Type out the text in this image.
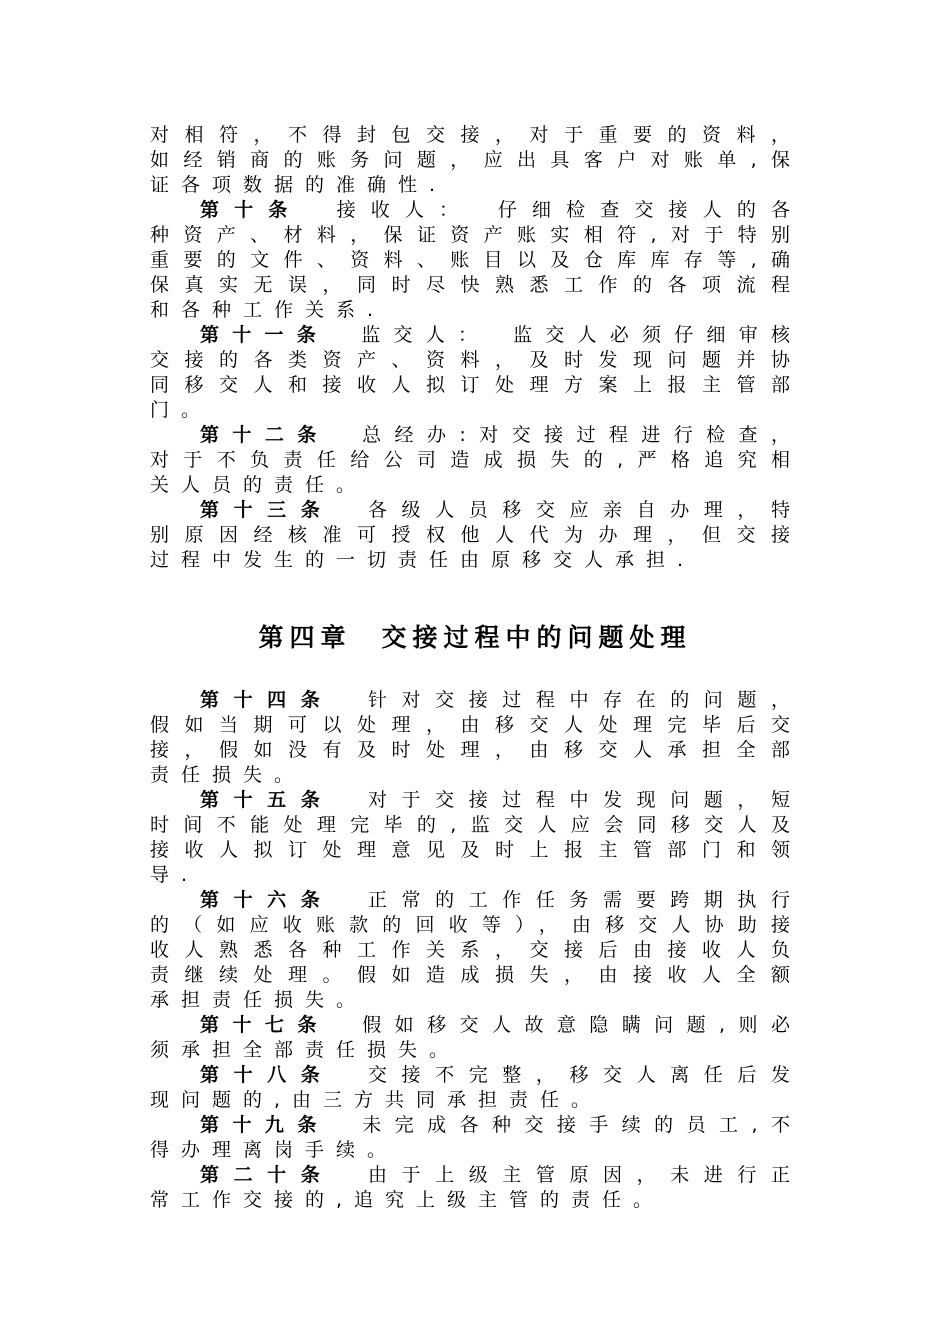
对相符，不得封包交接，对于重要的资料，
如经销商的账务问题，应出具客户对账单,保
证各项数据的准确性.
第十条　 接收人：　仔细检查交接人的各
种资产、材料，保证资产账实相符,对于特别
重要的文件、资料、账目以及仓库库存等,确
保真实无误，同时尽快熟悉工作的各项流程
和各种工作关系.
第十一条　 监交人：　监交人必须仔细审核
交接的各类资产、资料，及时发现问题并协
同移交人和接收人拟订处理方案上报主管部
门。
第十二条　 总经办:对交接过程进行检查，
对于不负责任给公司造成损失的,严格追究相
关人员的责任。
第十三条　 各级人员移交应亲自办理，特
别原因经核准可授权他人代为办理，但交接
过程中发生的一切责任由原移交人承担.
第四章 交接过程中的问题处理
第十四条　 针对交接过程中存在的问题，
假如当期可以处理，由移交人处理完毕后交
接，假如没有及时处理，由移交人承担全部
责任损失。
第十五条　 对于交接过程中发现问题，短
时间不能处理完毕的,监交人应会同移交人及
接收人拟订处理意见及时上报主管部门和领
导.
第十六条　 正常的工作任务需要跨期执行
的（如应收账款的回收等），由移交人协助接
收人熟悉各种工作关系，交接后由接收人负
责继续处理。假如造成损失，由接收人全额
承担责任损失。
第十七条　 假如移交人故意隐瞒问题,则必
须承担全部责任损失。
第十八条　 交接不完整，移交人离任后发
现问题的,由三方共同承担责任。
第十九条　 未完成各种交接手续的员工,不
得办理离岗手续。
第二十条　 由于上级主管原因，未进行正
常工作交接的,追究上级主管的责任。
